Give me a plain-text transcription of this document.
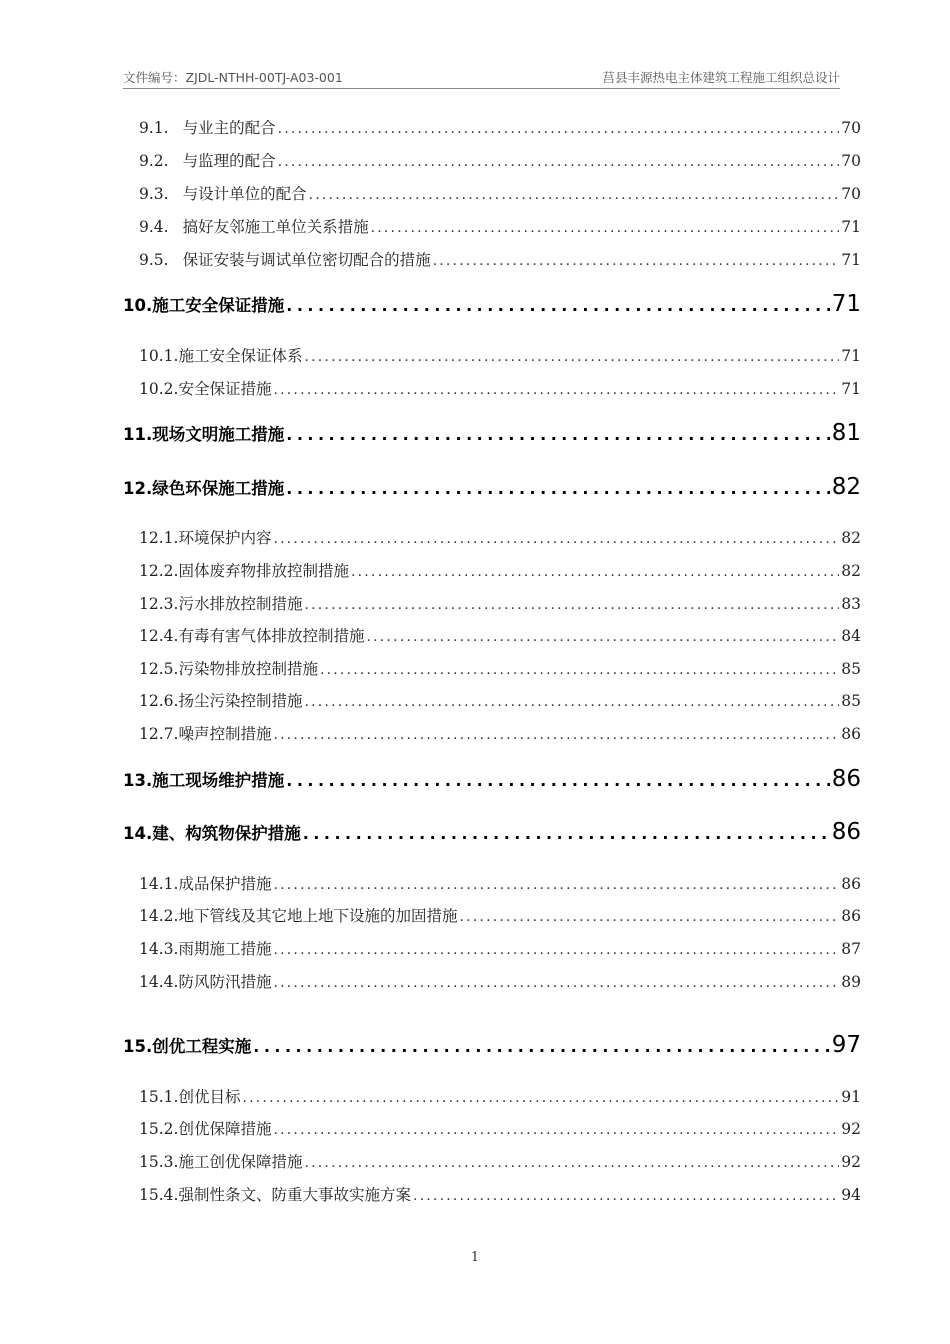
文件编号：ZJDL-NTHH-00TJ-A03-001	莒县丰源热电主体建筑工程施工组织总设计
9.1. 与业主的配合 .....	70
9.2. 与监理的配合 .....	70
9.3. 与设计单位的配合 .....	70
9.4. 搞好友邻施工单位关系措施 .....	71
9.5. 保证安装与调试单位密切配合的措施 .....	71
10. 施工安全保证措施 .....	71
10.1. 施工安全保证体系 .....	71
10.2. 安全保证措施 .....	71
11. 现场文明施工措施 .....	81
12. 绿色环保施工措施 .....	82
12.1. 环境保护内容 .....	82
12.2. 固体废弃物排放控制措施 .....	82
12.3. 污水排放控制措施 .....	83
12.4. 有毒有害气体排放控制措施 .....	84
12.5. 污染物排放控制措施 .....	85
12.6. 扬尘污染控制措施 .....	85
12.7. 噪声控制措施 .....	86
13. 施工现场维护措施 .....	86
14. 建、构筑物保护措施 .....	86
14.1. 成品保护措施 .....	86
14.2. 地下管线及其它地上地下设施的加固措施 .....	86
14.3. 雨期施工措施 .....	87
14.4. 防风防汛措施 .....	89
15. 创优工程实施 .....	97
15.1. 创优目标 .....	91
15.2. 创优保障措施 .....	92
15.3. 施工创优保障措施 .....	92
15.4. 强制性条文、防重大事故实施方案 .....	94
1
